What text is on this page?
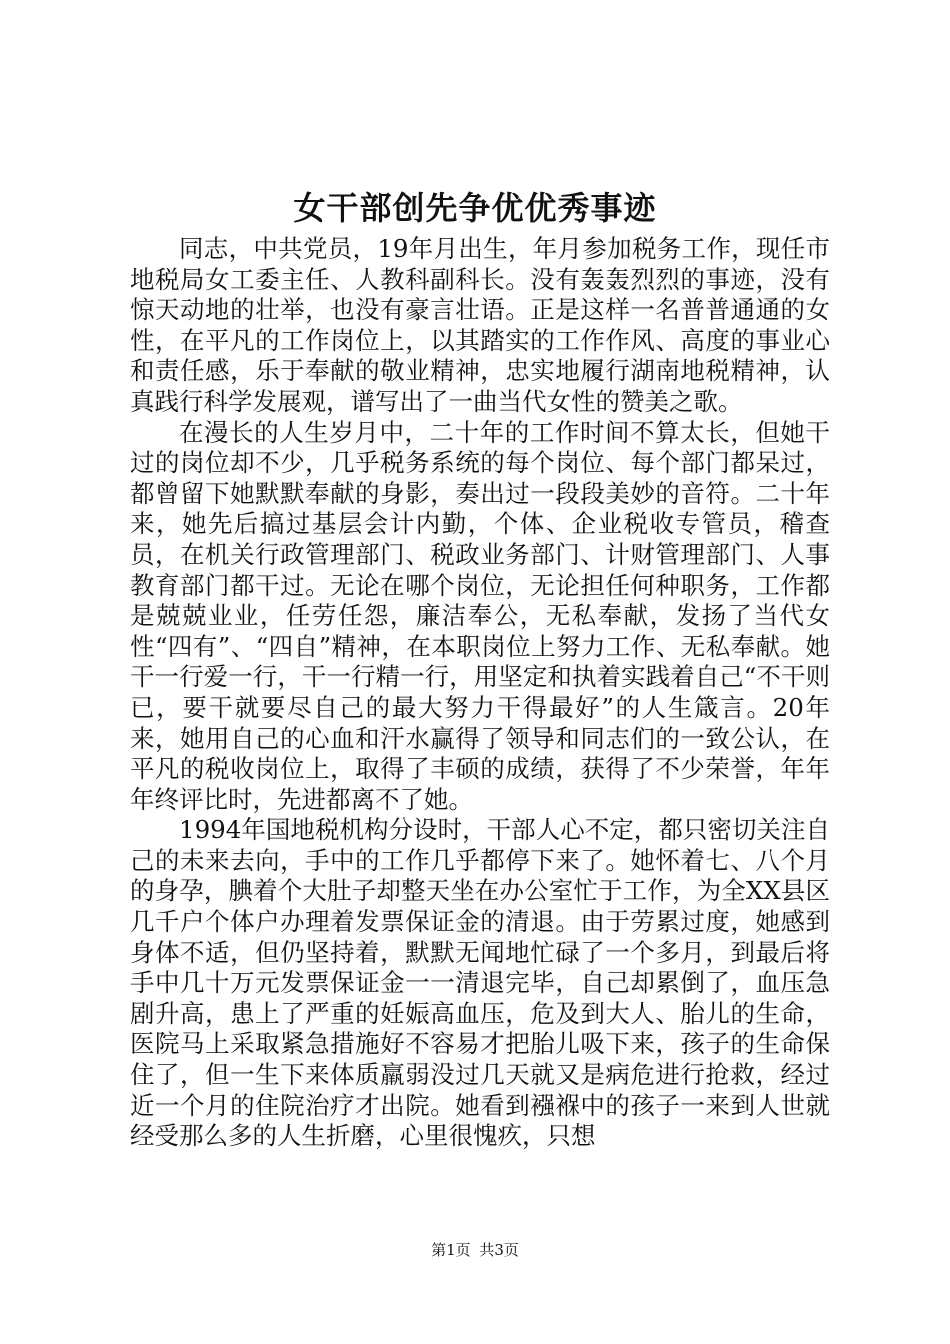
女干部创先争优优秀事迹

同志，中共党员，19年月出生，年月参加税务工作，现任市地税局女工委主任、人教科副科长。没有轰轰烈烈的事迹，没有惊天动地的壮举，也没有豪言壮语。正是这样一名普普通通的女性，在平凡的工作岗位上，以其踏实的工作作风、高度的事业心和责任感，乐于奉献的敬业精神，忠实地履行湖南地税精神，认真践行科学发展观，谱写出了一曲当代女性的赞美之歌。

在漫长的人生岁月中，二十年的工作时间不算太长，但她干过的岗位却不少，几乎税务系统的每个岗位、每个部门都呆过，都曾留下她默默奉献的身影，奏出过一段段美妙的音符。二十年来，她先后搞过基层会计内勤，个体、企业税收专管员，稽查员，在机关行政管理部门、税政业务部门、计财管理部门、人事教育部门都干过。无论在哪个岗位，无论担任何种职务，工作都是兢兢业业，任劳任怨，廉洁奉公，无私奉献，发扬了当代女性“四有”、“四自”精神，在本职岗位上努力工作、无私奉献。她干一行爱一行，干一行精一行，用坚定和执着实践着自己“不干则已，要干就要尽自己的最大努力干得最好”的人生箴言。20年来，她用自己的心血和汗水赢得了领导和同志们的一致公认，在平凡的税收岗位上，取得了丰硕的成绩，获得了不少荣誉，年年年终评比时，先进都离不了她。

1994年国地税机构分设时，干部人心不定，都只密切关注自己的未来去向，手中的工作几乎都停下来了。她怀着七、八个月的身孕，腆着个大肚子却整天坐在办公室忙于工作，为全XX县区几千户个体户办理着发票保证金的清退。由于劳累过度，她感到身体不适，但仍坚持着，默默无闻地忙碌了一个多月，到最后将手中几十万元发票保证金一一清退完毕，自己却累倒了，血压急剧升高，患上了严重的妊娠高血压，危及到大人、胎儿的生命，医院马上采取紧急措施好不容易才把胎儿吸下来，孩子的生命保住了，但一生下来体质羸弱没过几天就又是病危进行抢救，经过近一个月的住院治疗才出院。她看到襁褓中的孩子一来到人世就经受那么多的人生折磨，心里很愧疚，只想

第1页 共3页
